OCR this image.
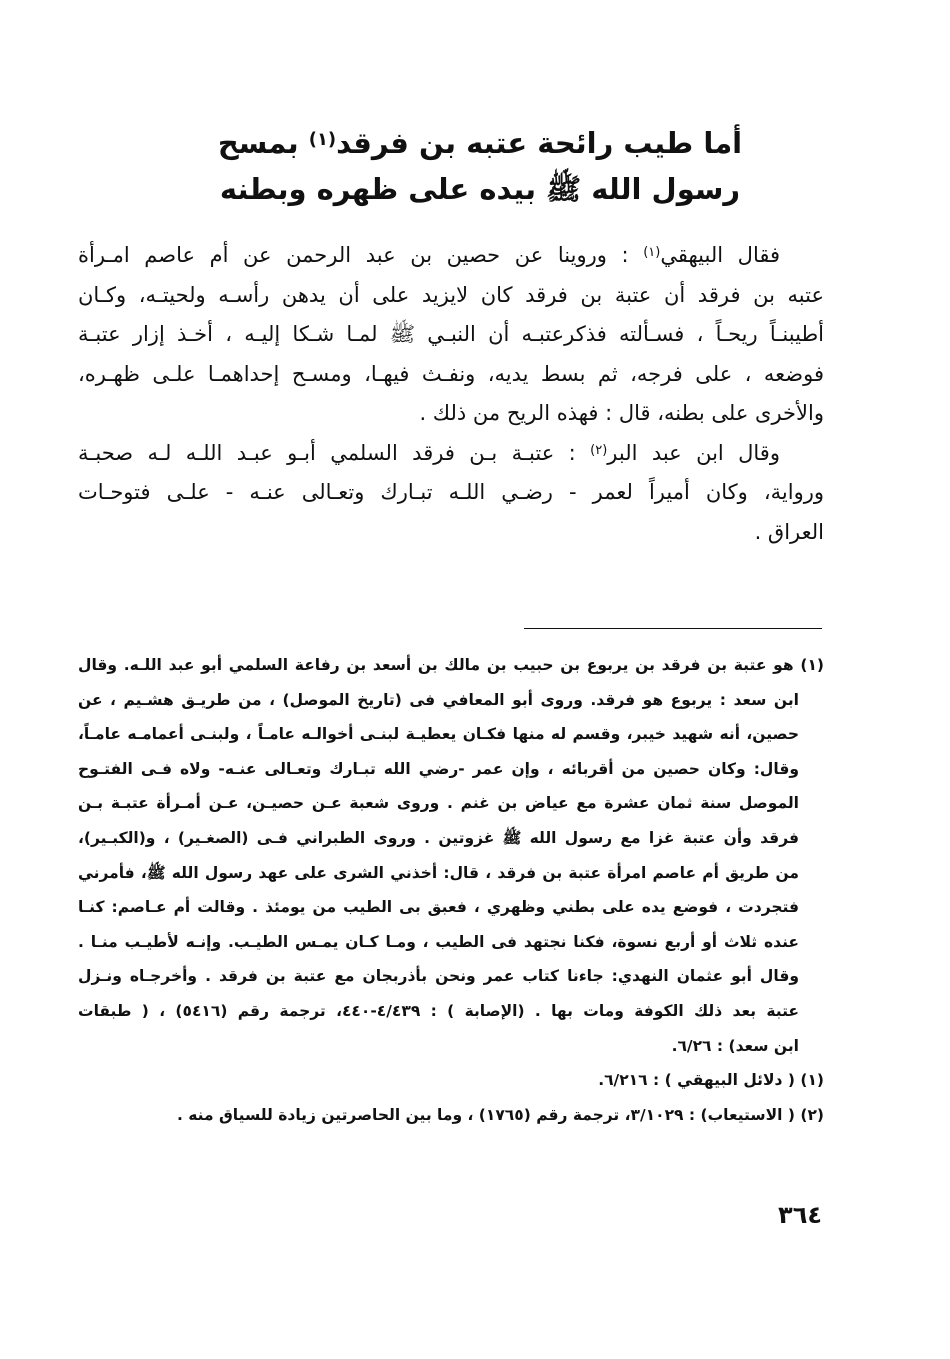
أما طيب رائحة عتبه بن فرقد$^{(١)}$ بمسح
رسول الله ﷺ بيده على ظهره وبطنه
فقال البيهقي$^{(١)}$ : وروينا عن حصين بن عبد الرحمن عن أم عاصم امـرأة
عتبه بن فرقد أن عتبة بن فرقد كان لايزيد على أن يدهن رأسـه ولحيتـه، وكـان
أطيبنـاً ريحـاً ، فسـألته فذكرعتبـه أن النبـي ﷺ لمـا شـكا إليـه ، أخـذ إزار عتبـة
فوضعه ، على فرجه، ثم بسط يديه، ونفـث فيهـا، ومسـح إحداهمـا علـى ظهـره،
والأخرى على بطنه، قال : فهذه الريح من ذلك .
وقال ابن عبد البر$^{(٢)}$ : عتبـة بـن فرقد السلمي أبـو عبـد اللـه لـه صحبـة
ورواية، وكان أميراً لعمر - رضـي اللـه تبـارك وتعـالى عنـه - علـى فتوحـات
العراق .
(١) هو عتبة بن فرقد بن يربوع بن حبيب بن مالك بن أسعد بن رفاعة السلمي أبو عبد اللـه. وقال
ابن سعد : يربوع هو فرقد. وروى أبو المعافي فى (تاريخ الموصل) ، من طريـق هشـيم ، عن
حصين، أنه شهيد خيبر، وقسم له منها فكـان يعطيـة لبنـى أخوالـه عامـاً ، ولبنـى أعمامـه عامـاً،
وقال: وكان حصين من أقربائه ، وإن عمر -رضي الله تبـارك وتعـالى عنـه- ولاه فـى الفتـوح
الموصل سنة ثمان عشرة مع عياض بن غنم . وروى شعبة عـن حصيـن، عـن أمـرأة عتبـة بـن
فرقد وأن عتبة غزا مع رسول الله ﷺ غزوتين . وروى الطبراني فـى (الصغـير) ، و(الكبـير)،
من طريق أم عاصم امرأة عتبة بن فرقد ، قال: أخذني الشرى على عهد رسول الله ﷺ، فأمرني
فتجردت ، فوضع يده على بطني وظهري ، فعبق بى الطيب من يومئذ . وقالت أم عـاصم: كنـا
عنده ثلاث أو أربع نسوة، فكنا نجتهد فى الطيب ، ومـا كـان يمـس الطيـب. وإنـه لأطيـب منـا .
وقال أبو عثمان النهدي: جاءنا كتاب عمر ونحن بأذربجان مع عتبة بن فرقد . وأخرجـاه ونـزل
عتبة بعد ذلك الكوفة ومات بها . (الإصابة ) : ٤/٤٣٩-٤٤٠، ترجمة رقم (٥٤١٦) ، ( طبقات
ابن سعد) : ٦/٢٦.
(١) ( دلائل البيهقي ) : ٦/٢١٦.
(٢) ( الاستيعاب) : ٣/١٠٢٩، ترجمة رقم (١٧٦٥) ، وما بين الحاصرتين زيادة للسياق منه .
٣٦٤
